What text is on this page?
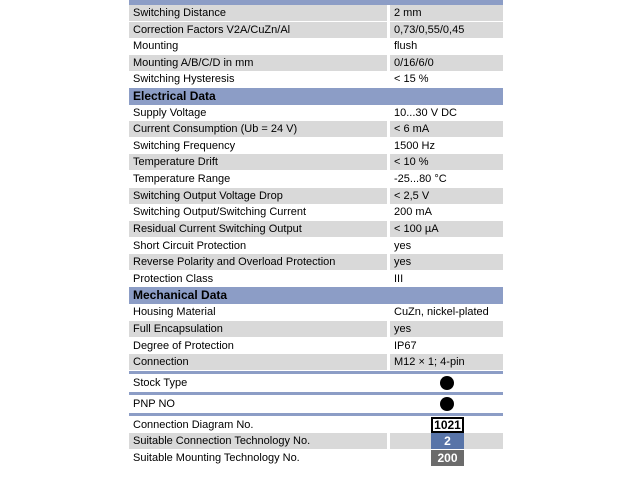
Switching Distance	2 mm
Correction Factors V2A/CuZn/Al	0,73/0,55/0,45
Mounting	flush
Mounting A/B/C/D in mm	0/16/6/0
Switching Hysteresis	< 15 %
Electrical Data
Supply Voltage	10...30 V DC
Current Consumption (Ub = 24 V)	< 6 mA
Switching Frequency	1500 Hz
Temperature Drift	< 10 %
Temperature Range	-25...80 °C
Switching Output Voltage Drop	< 2,5 V
Switching Output/Switching Current	200 mA
Residual Current Switching Output	< 100 µA
Short Circuit Protection	yes
Reverse Polarity and Overload Protection	yes
Protection Class	III
Mechanical Data
Housing Material	CuZn, nickel-plated
Full Encapsulation	yes
Degree of Protection	IP67
Connection	M12 × 1; 4-pin
Stock Type
PNP NO
Connection Diagram No.	1021
Suitable Connection Technology No.	2
Suitable Mounting Technology No.	200
